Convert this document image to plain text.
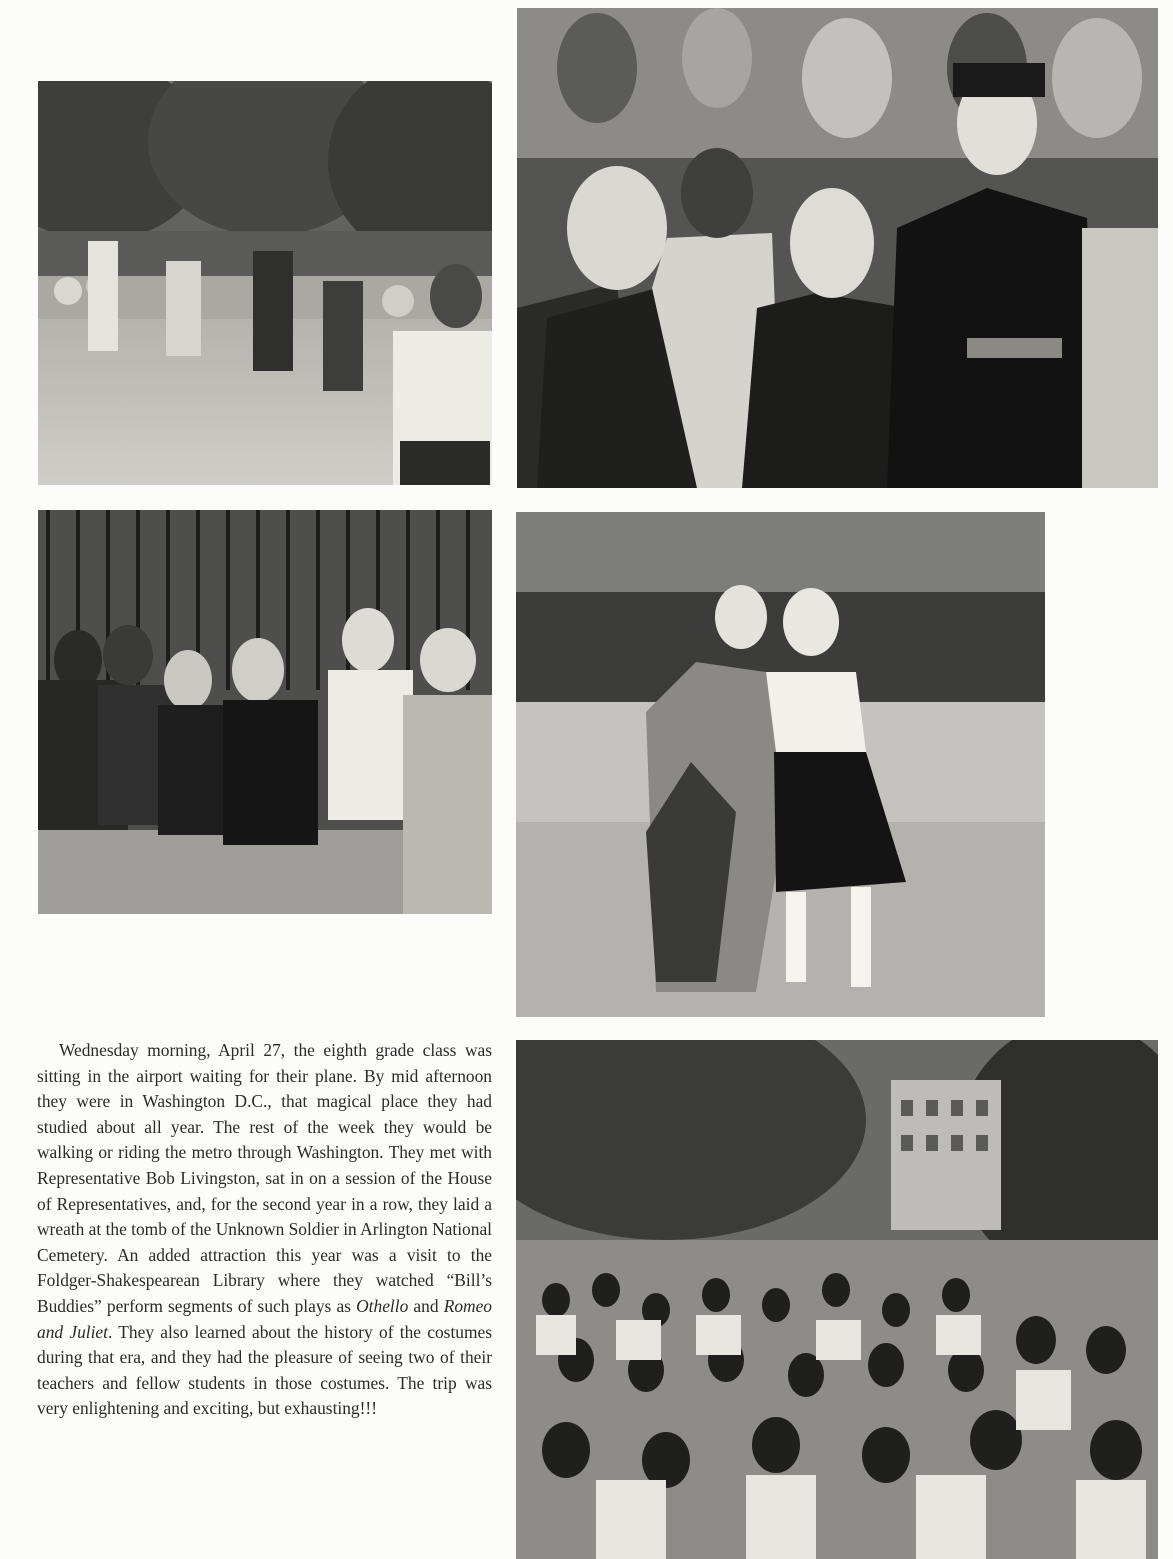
Wednesday morning, April 27, the eighth grade class was sitting in the airport waiting for their plane. By mid afternoon they were in Washington D.C., that magical place they had studied about all year. The rest of the week they would be walking or riding the metro through Washington. They met with Representative Bob Livingston, sat in on a session of the House of Representatives, and, for the second year in a row, they laid a wreath at the tomb of the Unknown Soldier in Arlington National Cemetery. An added attraction this year was a visit to the Foldger-Shakespearean Library where they watched “Bill’s Buddies” perform segments of such plays as Othello and Romeo and Juliet. They also learned about the history of the costumes during that era, and they had the pleasure of seeing two of their teachers and fellow students in those costumes. The trip was very enlightening and exciting, but exhausting!!!
